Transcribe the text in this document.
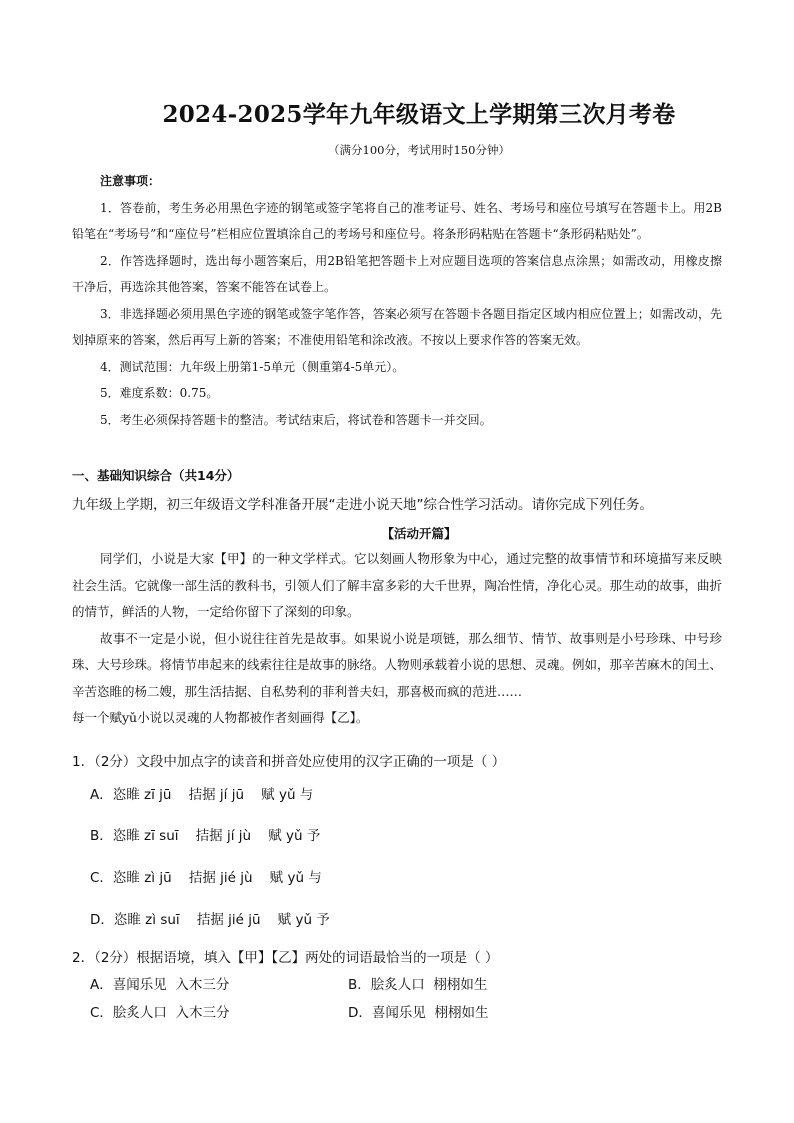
2024-2025学年九年级语文上学期第三次月考卷
（满分100分，考试用时150分钟）
注意事项：

1．答卷前，考生务必用黑色字迹的钢笔或签字笔将自己的准考证号、姓名、考场号和座位号填写在答题卡上。用2B铅笔在“考场号”和“座位号”栏相应位置填涂自己的考场号和座位号。将条形码粘贴在答题卡“条形码粘贴处”。

2．作答选择题时，选出每小题答案后，用2B铅笔把答题卡上对应题目选项的答案信息点涂黑；如需改动，用橡皮擦干净后，再选涂其他答案，答案不能答在试卷上。

3．非选择题必须用黑色字迹的钢笔或签字笔作答，答案必须写在答题卡各题目指定区域内相应位置上；如需改动，先划掉原来的答案，然后再写上新的答案；不准使用铅笔和涂改液。不按以上要求作答的答案无效。

4．测试范围：九年级上册第1-5单元（侧重第4-5单元）。

5．难度系数：0.75。

5．考生必须保持答题卡的整洁。考试结束后，将试卷和答题卡一并交回。

一、基础知识综合（共14分）
九年级上学期，初三年级语文学科准备开展“走进小说天地”综合性学习活动。请你完成下列任务。
【活动开篇】

同学们，小说是大家【甲】的一种文学样式。它以刻画人物形象为中心，通过完整的故事情节和环境描写来反映社会生活。它就像一部生活的教科书，引领人们了解丰富多彩的大千世界，陶冶性情，净化心灵。那生动的故事，曲折的情节，鲜活的人物，一定给你留下了深刻的印象。

故事不一定是小说，但小说往往首先是故事。如果说小说是项链，那么细节、情节、故事则是小号珍珠、中号珍珠、大号珍珠。将情节串起来的线索往往是故事的脉络。人物则承载着小说的思想、灵魂。例如，那辛苦麻木的闰土、辛苦恣睢的杨二嫂，那生活拮据、自私势利的菲利普夫妇，那喜极而疯的范进……

每一个赋yǔ小说以灵魂的人物都被作者刻画得【乙】。

1．（2分）文段中加点字的读音和拼音处应使用的汉字正确的一项是（ ）
A．恣睢 zī jū    拮据 jí jū    赋 yǔ 与
B．恣睢 zī suī    拮据 jí jù    赋 yǔ 予
C．恣睢 zì jū    拮据 jié jù    赋 yǔ 与
D．恣睢 zì suī    拮据 jié jū    赋 yǔ 予
2．（2分）根据语境，填入【甲】【乙】两处的词语最恰当的一项是（ ）
A．喜闻乐见  入木三分	B．脍炙人口  栩栩如生
C．脍炙人口  入木三分	D．喜闻乐见  栩栩如生
